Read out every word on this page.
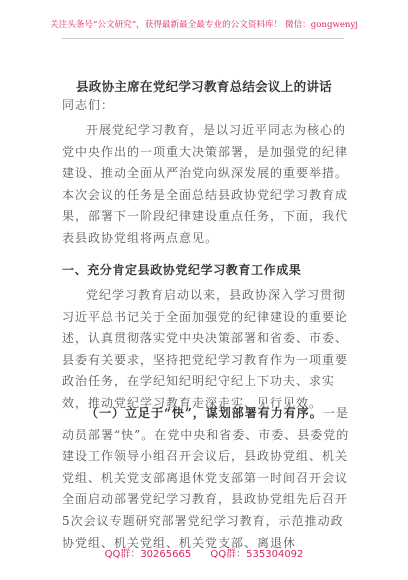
关注头条号“公文研究”，获得最新最全最专业的公文资料库！ 微信：gongwenyj
县政协主席在党纪学习教育总结会议上的讲话

同志们：

开展党纪学习教育，是以习近平同志为核心的党中央作出的一项重大决策部署，是加强党的纪律建设、推动全面从严治党向纵深发展的重要举措。本次会议的任务是全面总结县政协党纪学习教育成果，部署下一阶段纪律建设重点任务，下面，我代表县政协党组将两点意见。

一、充分肯定县政协党纪学习教育工作成果

党纪学习教育启动以来，县政协深入学习贯彻习近平总书记关于全面加强党的纪律建设的重要论述，认真贯彻落实党中央决策部署和省委、市委、县委有关要求，坚持把党纪学习教育作为一项重要政治任务，在学纪知纪明纪守纪上下功夫、求实效，推动党纪学习教育走深走实、见行见效。

（一）立足于“快”，谋划部署有力有序。一是动员部署“快”。在党中央和省委、市委、县委党的建设工作领导小组召开会议后，县政协党组、机关党组、机关党支部离退休党支部第一时间召开会议全面启动部署党纪学习教育，县政协党组先后召开5次会议专题研究部署党纪学习教育，示范推动政协党组、机关党组、机关党支部、离退休

QQ群：30265665 QQ群：535304092
